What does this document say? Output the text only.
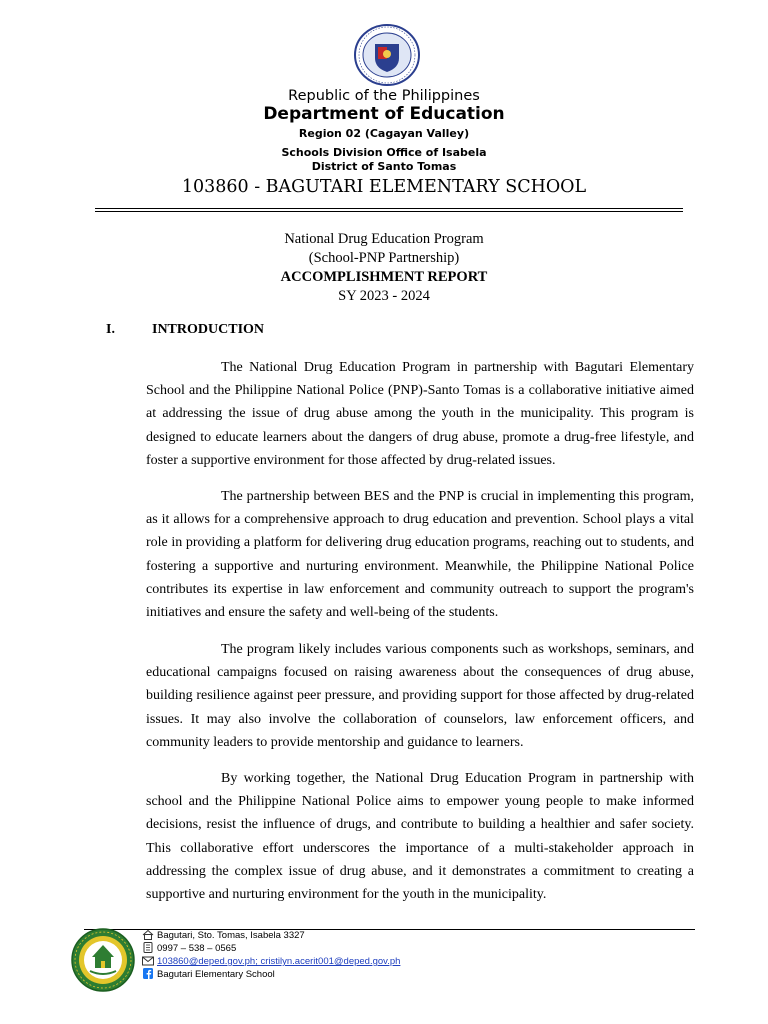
Republic of the Philippines
Department of Education
Region 02 (Cagayan Valley)
Schools Division Office of Isabela
District of Santo Tomas
103860 - BAGUTARI ELEMENTARY SCHOOL
National Drug Education Program
(School-PNP Partnership)
ACCOMPLISHMENT REPORT
SY 2023 - 2024
I.	INTRODUCTION

The National Drug Education Program in partnership with Bagutari Elementary School and the Philippine National Police (PNP)-Santo Tomas is a collaborative initiative aimed at addressing the issue of drug abuse among the youth in the municipality. This program is designed to educate learners about the dangers of drug abuse, promote a drug-free lifestyle, and foster a supportive environment for those affected by drug-related issues.

The partnership between BES and the PNP is crucial in implementing this program, as it allows for a comprehensive approach to drug education and prevention. School plays a vital role in providing a platform for delivering drug education programs, reaching out to students, and fostering a supportive and nurturing environment. Meanwhile, the Philippine National Police contributes its expertise in law enforcement and community outreach to support the program's initiatives and ensure the safety and well-being of the students.

The program likely includes various components such as workshops, seminars, and educational campaigns focused on raising awareness about the consequences of drug abuse, building resilience against peer pressure, and providing support for those affected by drug-related issues. It may also involve the collaboration of counselors, law enforcement officers, and community leaders to provide mentorship and guidance to learners.

By working together, the National Drug Education Program in partnership with school and the Philippine National Police aims to empower young people to make informed decisions, resist the influence of drugs, and contribute to building a healthier and safer society. This collaborative effort underscores the importance of a multi-stakeholder approach in addressing the complex issue of drug abuse, and it demonstrates a commitment to creating a supportive and nurturing environment for the youth in the municipality.

Bagutari, Sto. Tomas, Isabela 3327
0997 – 538 – 0565
103860@deped.gov.ph; cristilyn.acerit001@deped.gov.ph
Bagutari Elementary School
